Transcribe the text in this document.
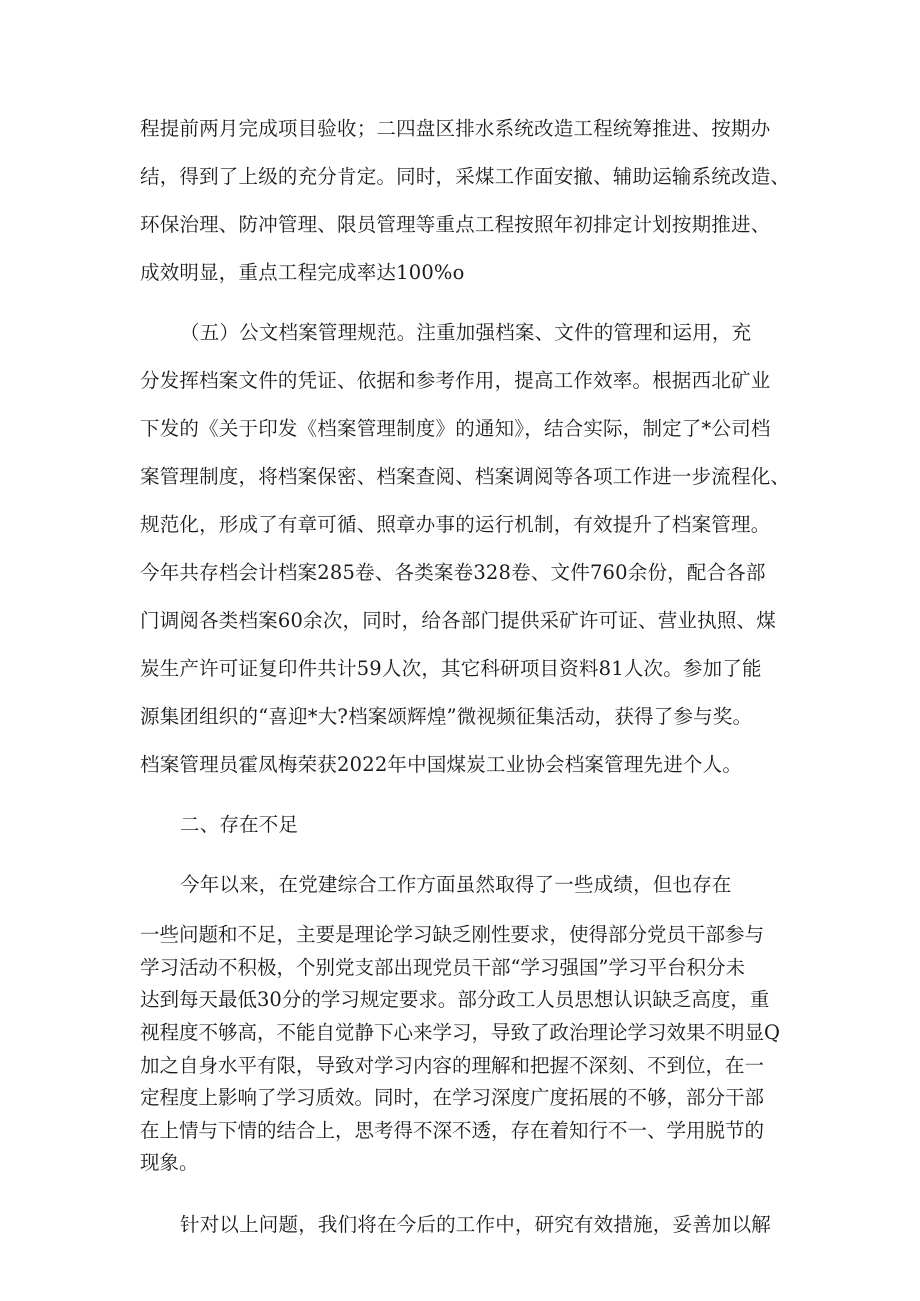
程提前两月完成项目验收；二四盘区排水系统改造工程统筹推进、按期办
结，得到了上级的充分肯定。同时，采煤工作面安撤、辅助运输系统改造、
环保治理、防冲管理、限员管理等重点工程按照年初排定计划按期推进、
成效明显，重点工程完成率达100%o
（五）公文档案管理规范。注重加强档案、文件的管理和运用，充
分发挥档案文件的凭证、依据和参考作用，提高工作效率。根据西北矿业
下发的《关于印发《档案管理制度》的通知》，结合实际，制定了*公司档
案管理制度，将档案保密、档案查阅、档案调阅等各项工作进一步流程化、
规范化，形成了有章可循、照章办事的运行机制，有效提升了档案管理。
今年共存档会计档案285卷、各类案卷328卷、文件760余份，配合各部
门调阅各类档案60余次，同时，给各部门提供采矿许可证、营业执照、煤
炭生产许可证复印件共计59人次，其它科研项目资料81人次。参加了能
源集团组织的“喜迎*大?档案颂辉煌”微视频征集活动，获得了参与奖。
档案管理员霍凤梅荣获2022年中国煤炭工业协会档案管理先进个人。
二、存在不足
今年以来，在党建综合工作方面虽然取得了一些成绩，但也存在
一些问题和不足，主要是理论学习缺乏刚性要求，使得部分党员干部参与
学习活动不积极，个别党支部出现党员干部“学习强国”学习平台积分未
达到每天最低30分的学习规定要求。部分政工人员思想认识缺乏高度，重
视程度不够高，不能自觉静下心来学习，导致了政治理论学习效果不明显Q
加之自身水平有限，导致对学习内容的理解和把握不深刻、不到位，在一
定程度上影响了学习质效。同时，在学习深度广度拓展的不够，部分干部
在上情与下情的结合上，思考得不深不透，存在着知行不一、学用脱节的
现象。
针对以上问题，我们将在今后的工作中，研究有效措施，妥善加以解
